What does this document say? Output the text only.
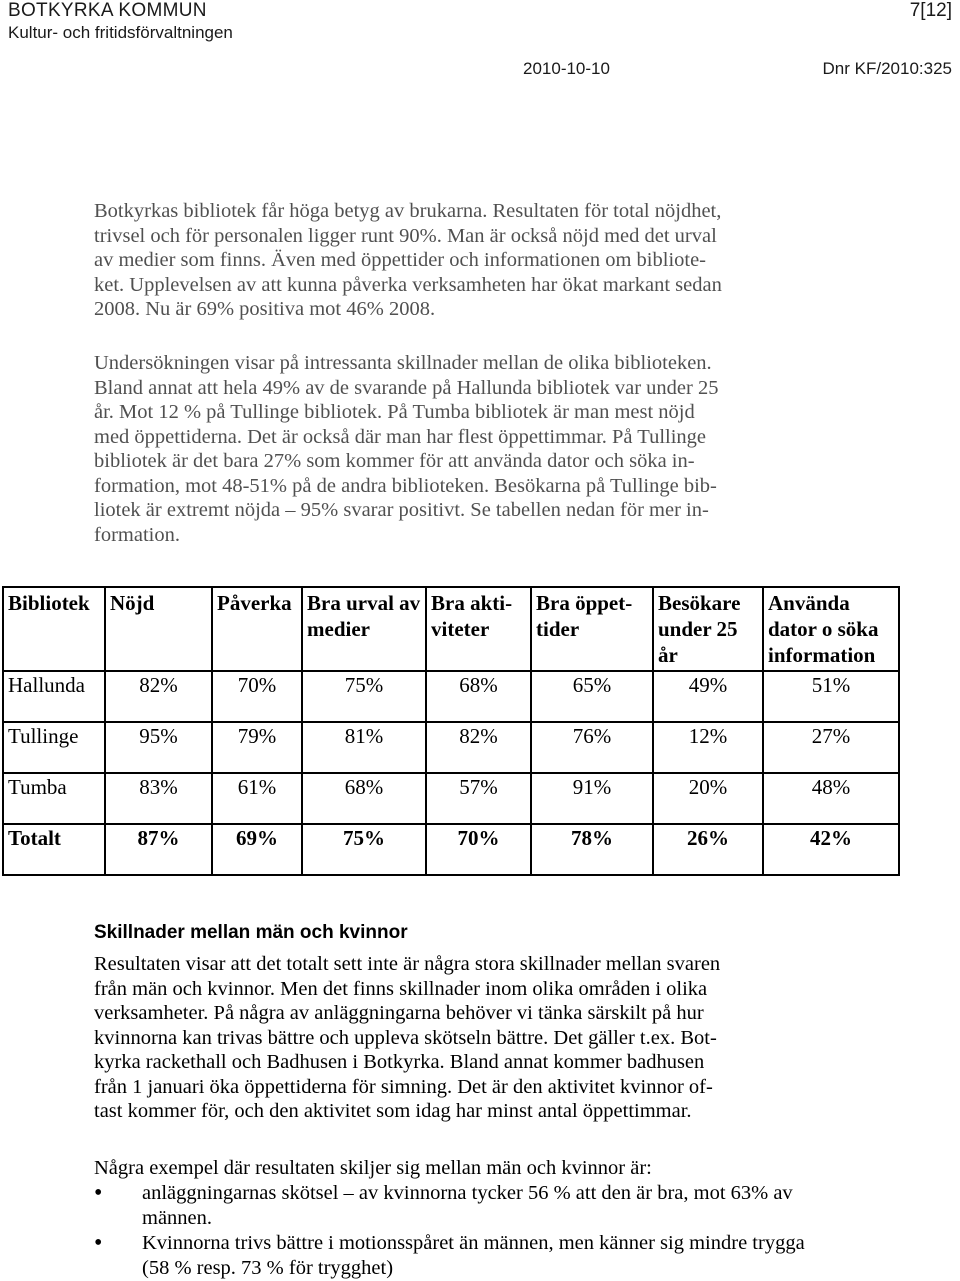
BOTKYRKA KOMMUN
Kultur- och fritidsförvaltningen
7[12]
2010-10-10	Dnr KF/2010:325
Botkyrkas bibliotek får höga betyg av brukarna. Resultaten för total nöjdhet,
trivsel och för personalen ligger runt 90%. Man är också nöjd med det urval
av medier som finns. Även med öppettider och informationen om bibliote-
ket. Upplevelsen av att kunna påverka verksamheten har ökat markant sedan
2008. Nu är 69% positiva mot 46% 2008.
Undersökningen visar på intressanta skillnader mellan de olika biblioteken.
Bland annat att hela 49% av de svarande på Hallunda bibliotek var under 25
år. Mot 12 % på Tullinge bibliotek. På Tumba bibliotek är man mest nöjd
med öppettiderna. Det är också där man har flest öppettimmar. På Tullinge
bibliotek är det bara 27% som kommer för att använda dator och söka in-
formation, mot 48-51% på de andra biblioteken. Besökarna på Tullinge bib-
liotek är extremt nöjda – 95% svarar positivt. Se tabellen nedan för mer in-
formation.
Bibliotek	Nöjd	Påverka	Bra urval av medier	Bra akti- viteter	Bra öppet- tider	Besökare under 25 år	Använda dator o söka information
Hallunda	82%	70%	75%	68%	65%	49%	51%
Tullinge	95%	79%	81%	82%	76%	12%	27%
Tumba	83%	61%	68%	57%	91%	20%	48%
Totalt	87%	69%	75%	70%	78%	26%	42%
Skillnader mellan män och kvinnor
Resultaten visar att det totalt sett inte är några stora skillnader mellan svaren
från män och kvinnor. Men det finns skillnader inom olika områden i olika
verksamheter. På några av anläggningarna behöver vi tänka särskilt på hur
kvinnorna kan trivas bättre och uppleva skötseln bättre. Det gäller t.ex. Bot-
kyrka rackethall och Badhusen i Botkyrka. Bland annat kommer badhusen
från 1 januari öka öppettiderna för simning. Det är den aktivitet kvinnor of-
tast kommer för, och den aktivitet som idag har minst antal öppettimmar.

Några exempel där resultaten skiljer sig mellan män och kvinnor är:

• anläggningarnas skötsel – av kvinnorna tycker 56 % att den är bra, mot 63% av männen.
• Kvinnorna trivs bättre i motionsspåret än männen, men känner sig mindre trygga (58 % resp. 73 % för trygghet)
